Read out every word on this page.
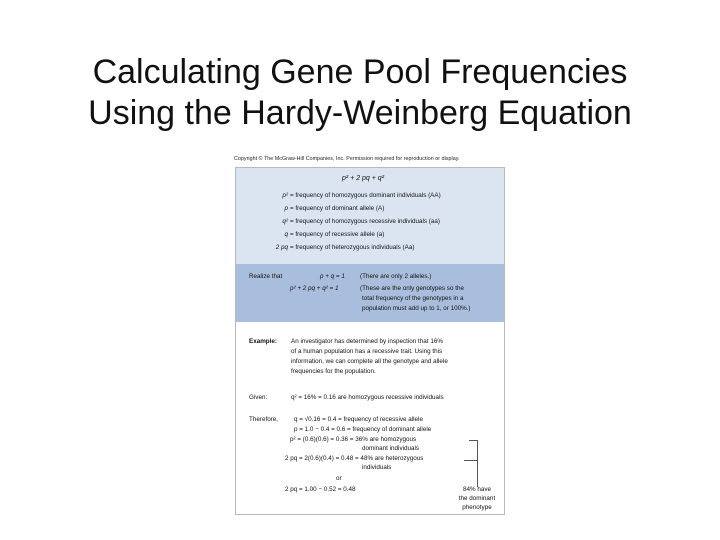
Calculating Gene Pool Frequencies
Using the Hardy-Weinberg Equation
Copyright © The McGraw-Hill Companies, Inc. Permission required for reproduction or display.
p² + 2 pq + q²
p² = frequency of homozygous dominant individuals (AA)
p = frequency of dominant allele (A)
q² = frequency of homozygous recessive individuals (aa)
q = frequency of recessive allele (a)
2 pq = frequency of heterozygous individuals (Aa)
Realize that	p + q = 1 (There are only 2 alleles.)
p² + 2 pq + q² = 1	(These are the only genotypes so the
total frequency of the genotypes in a
population must add up to 1, or 100%.)
Example: An investigator has determined by inspection that 16%
of a human population has a recessive trait. Using this
information, we can complete all the genotype and allele
frequencies for the population.
Given:	q² = 16% = 0.16 are homozygous recessive individuals
Therefore,	q = √0.16 = 0.4 = frequency of recessive allele
p = 1.0 − 0.4 = 0.6 = frequency of dominant allele
p² = (0.6)(0.6) = 0.36 = 36% are homozygous
dominant individuals
2 pq = 2(0.6)(0.4) = 0.48 = 48% are heterozygous
individuals
or
2 pq = 1.00 − 0.52 = 0.48	84% have
the dominant
phenotype
